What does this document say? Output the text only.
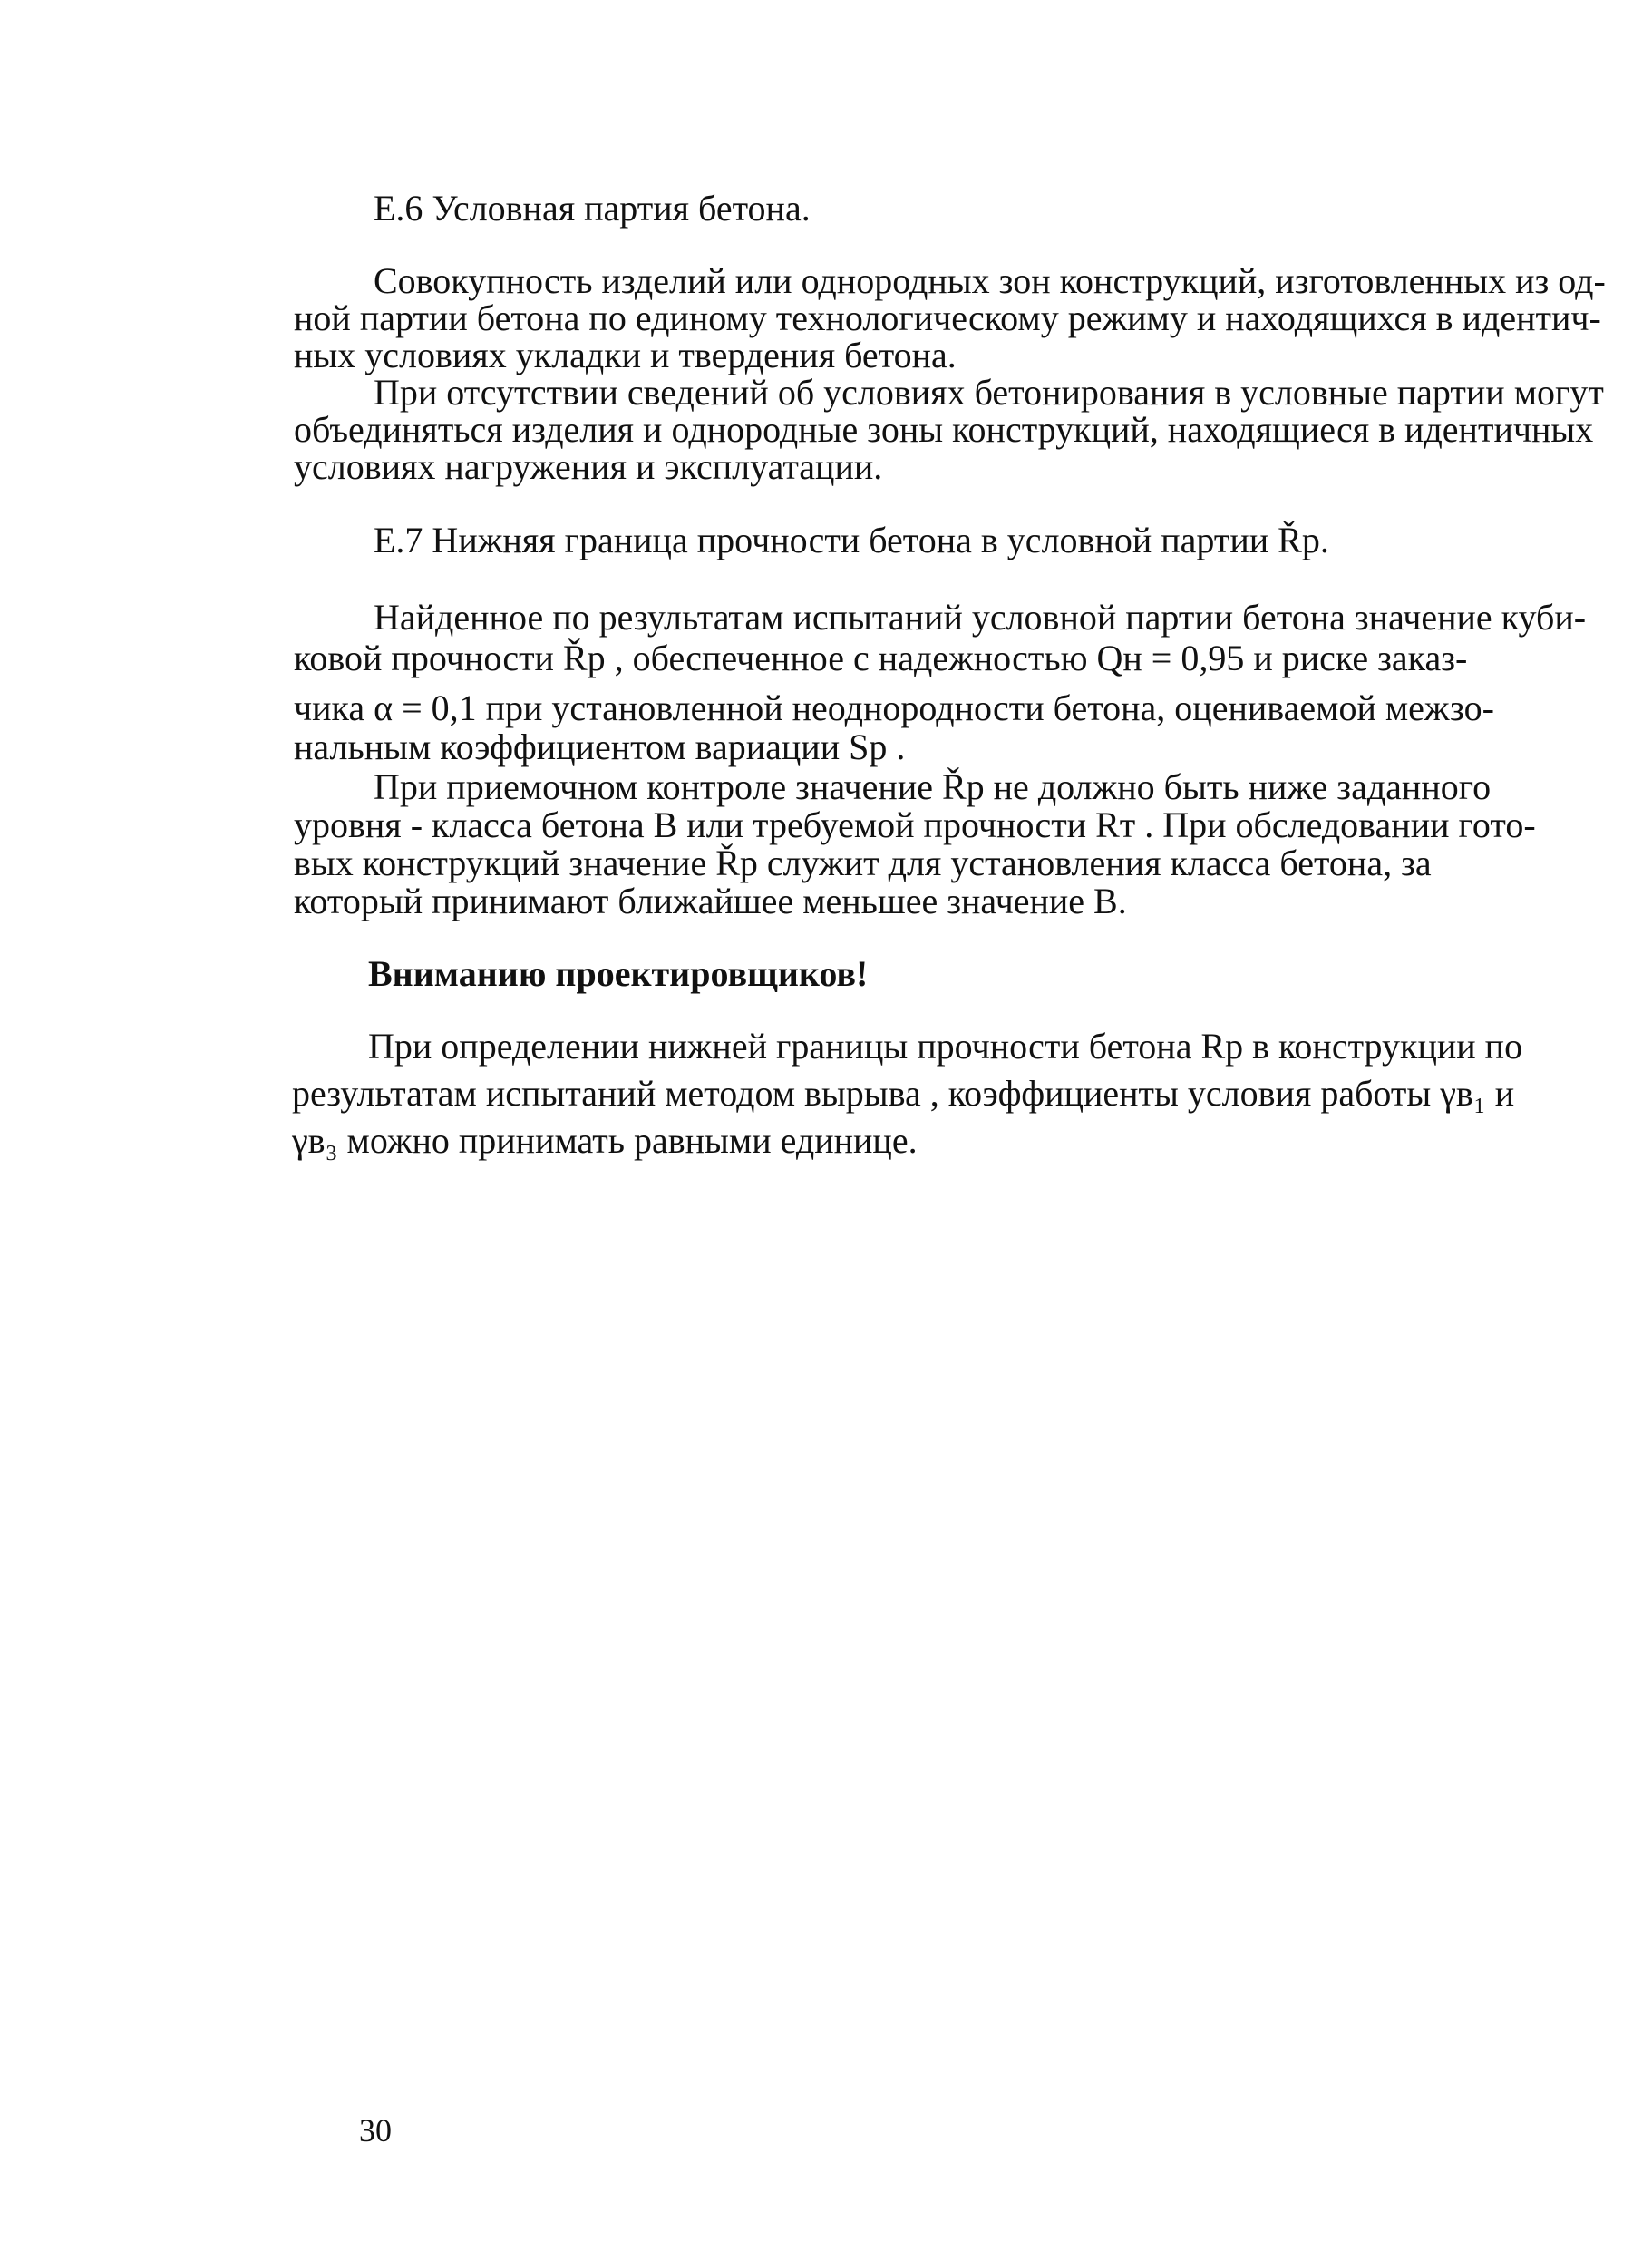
Е.6 Условная партия бетона.

Совокупность изделий или однородных зон конструкций, изготовленных из од-

ной партии бетона по единому технологическому режиму и находящихся в идентич-

ных условиях укладки и твердения бетона.

При отсутствии сведений об условиях бетонирования в условные партии могут

объединяться изделия и однородные зоны конструкций, находящиеся в идентичных

условиях нагружения и эксплуатации.

Е.7 Нижняя граница прочности бетона в условной партии Řр.

Найденное по результатам испытаний условной партии бетона значение куби-

ковой прочности Řр , обеспеченное с надежностью Qн = 0,95 и риске заказ-

чика α = 0,1 при установленной неоднородности бетона, оцениваемой межзо-

нальным коэффициентом вариации Sр .

При приемочном контроле значение Řр не должно быть ниже заданного

уровня - класса бетона В или требуемой прочности Rт . При обследовании гото-

вых конструкций значение Řр служит для установления класса бетона, за

который принимают ближайшее меньшее значение В.

Вниманию проектировщиков!

При определении нижней границы прочности бетона Rр в конструкции по

результатам испытаний методом вырыва , коэффициенты условия работы γв₁ и

γв₃ можно принимать равными единице.

30
